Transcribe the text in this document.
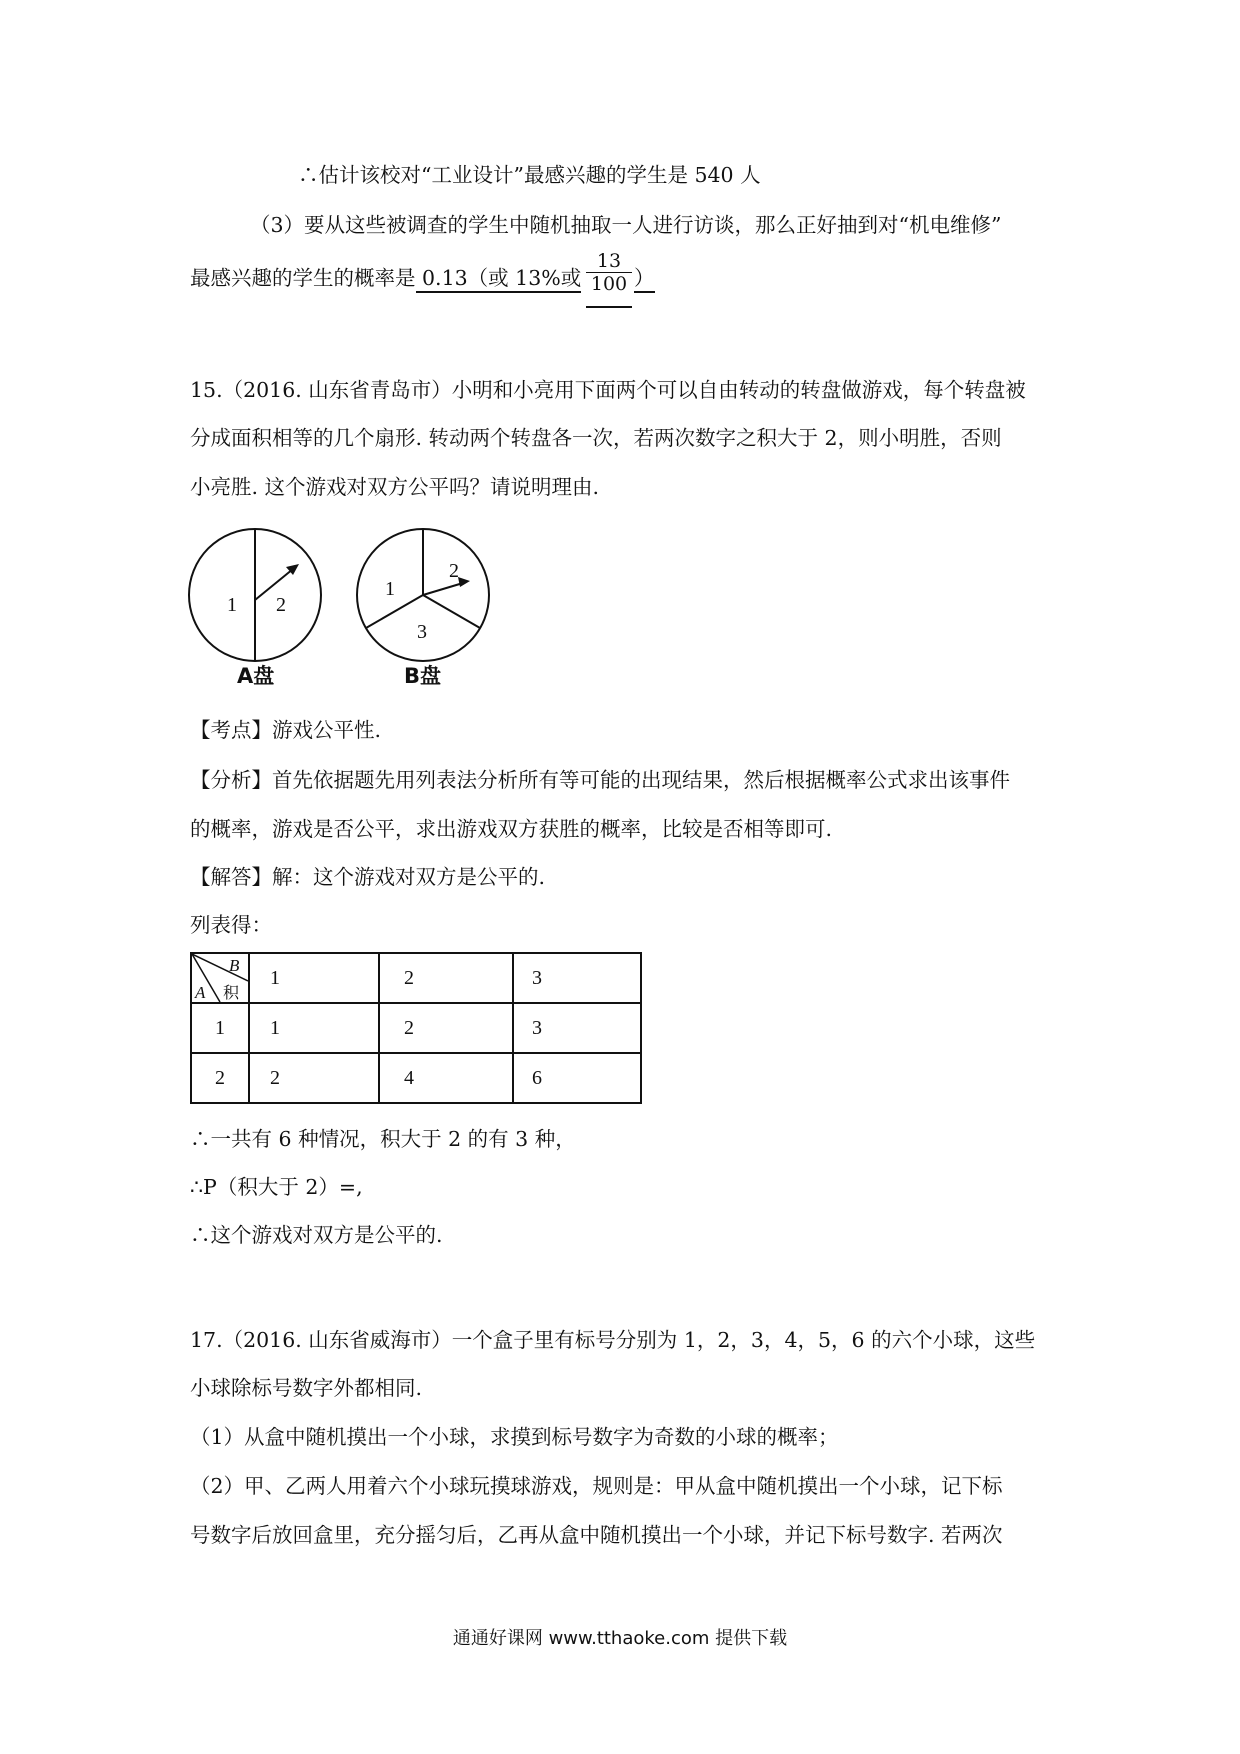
∴估计该校对“工业设计”最感兴趣的学生是 540 人
（3）要从这些被调查的学生中随机抽取一人进行访谈，那么正好抽到对“机电维修”
最感兴趣的学生的概率是 0.13（或 13%或 $\frac{13}{100}$ ）
15.（2016. 山东省青岛市）小明和小亮用下面两个可以自由转动的转盘做游戏，每个转盘被
分成面积相等的几个扇形. 转动两个转盘各一次，若两次数字之积大于 2，则小明胜，否则
小亮胜. 这个游戏对双方公平吗？请说明理由.
1 2
A盘
1
2
3
B盘
【考点】游戏公平性.
【分析】首先依据题先用列表法分析所有等可能的出现结果，然后根据概率公式求出该事件
的概率，游戏是否公平，求出游戏双方获胜的概率，比较是否相等即可.
【解答】解：这个游戏对双方是公平的.
列表得：
B
A 积	1	2	3
1	1	2	3
2	2	4	6
∴一共有 6 种情况，积大于 2 的有 3 种，
∴P（积大于 2）=,
∴这个游戏对双方是公平的.
17.（2016. 山东省威海市）一个盒子里有标号分别为 1，2，3，4，5，6 的六个小球，这些
小球除标号数字外都相同.
（1）从盒中随机摸出一个小球，求摸到标号数字为奇数的小球的概率；
（2）甲、乙两人用着六个小球玩摸球游戏，规则是：甲从盒中随机摸出一个小球，记下标
号数字后放回盒里，充分摇匀后，乙再从盒中随机摸出一个小球，并记下标号数字. 若两次
通通好课网 www.tthaoke.com 提供下载
